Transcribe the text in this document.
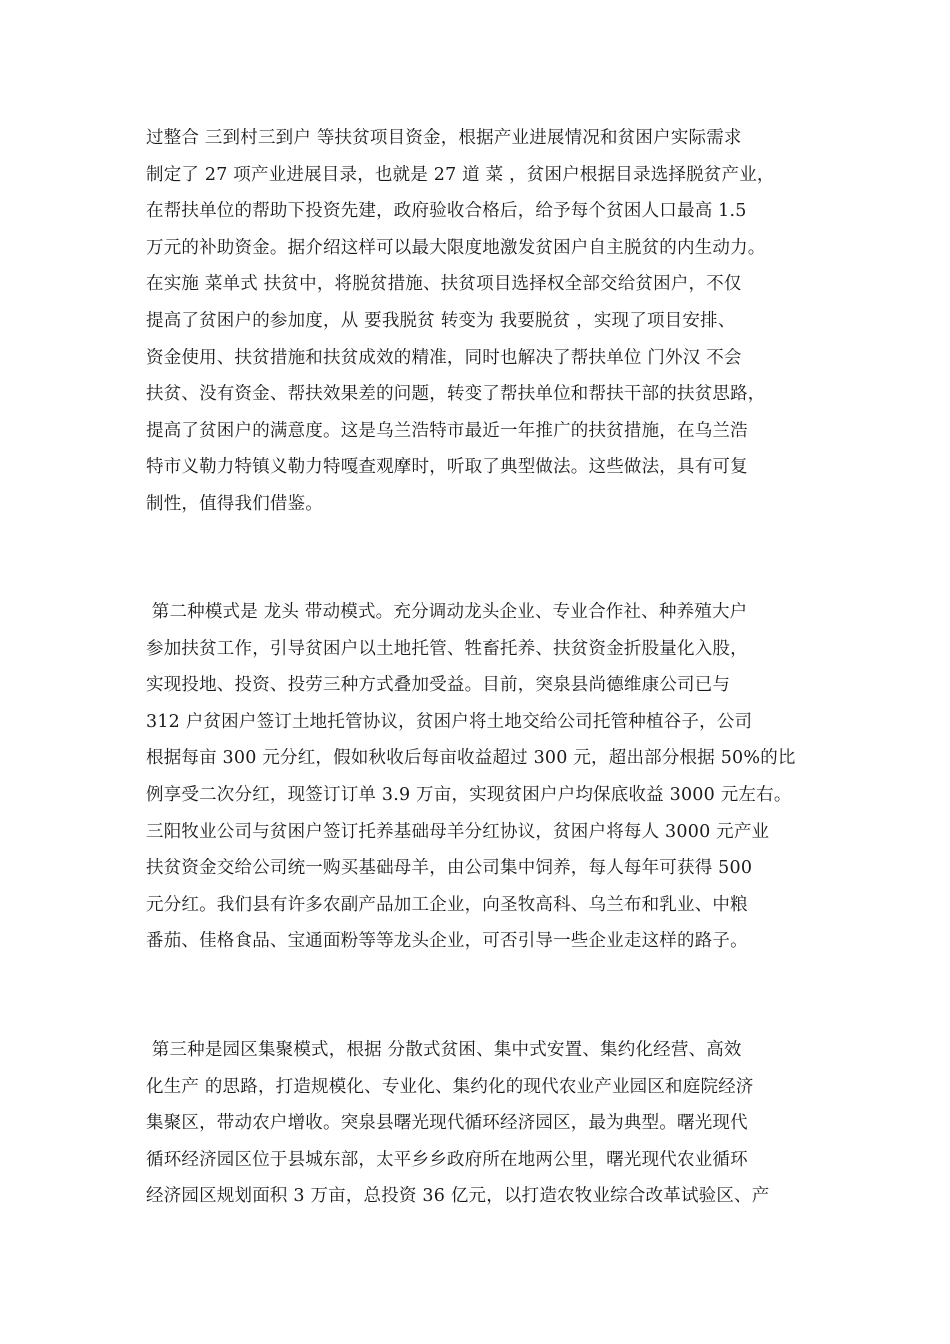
过整合 三到村三到户 等扶贫项目资金，根据产业进展情况和贫困户实际需求
制定了 27 项产业进展目录，也就是 27 道 菜 ，贫困户根据目录选择脱贫产业，
在帮扶单位的帮助下投资先建，政府验收合格后，给予每个贫困人口最高 1.5
万元的补助资金。据介绍这样可以最大限度地激发贫困户自主脱贫的内生动力。
在实施 菜单式 扶贫中，将脱贫措施、扶贫项目选择权全部交给贫困户，不仅
提高了贫困户的参加度，从 要我脱贫 转变为 我要脱贫 ，实现了项目安排、
资金使用、扶贫措施和扶贫成效的精准，同时也解决了帮扶单位 门外汉 不会
扶贫、没有资金、帮扶效果差的问题，转变了帮扶单位和帮扶干部的扶贫思路，
提高了贫困户的满意度。这是乌兰浩特市最近一年推广的扶贫措施，在乌兰浩
特市义勒力特镇义勒力特嘎查观摩时，听取了典型做法。这些做法，具有可复
制性，值得我们借鉴。
第二种模式是 龙头 带动模式。充分调动龙头企业、专业合作社、种养殖大户
参加扶贫工作，引导贫困户以土地托管、牲畜托养、扶贫资金折股量化入股，
实现投地、投资、投劳三种方式叠加受益。目前，突泉县尚德维康公司已与
312 户贫困户签订土地托管协议，贫困户将土地交给公司托管种植谷子，公司
根据每亩 300 元分红，假如秋收后每亩收益超过 300 元，超出部分根据 50%的比
例享受二次分红，现签订订单 3.9 万亩，实现贫困户户均保底收益 3000 元左右。
三阳牧业公司与贫困户签订托养基础母羊分红协议，贫困户将每人 3000 元产业
扶贫资金交给公司统一购买基础母羊，由公司集中饲养，每人每年可获得 500
元分红。我们县有许多农副产品加工企业，向圣牧高科、乌兰布和乳业、中粮
番茄、佳格食品、宝通面粉等等龙头企业，可否引导一些企业走这样的路子。
第三种是园区集聚模式，根据 分散式贫困、集中式安置、集约化经营、高效
化生产 的思路，打造规模化、专业化、集约化的现代农业产业园区和庭院经济
集聚区，带动农户增收。突泉县曙光现代循环经济园区，最为典型。曙光现代
循环经济园区位于县城东部，太平乡乡政府所在地两公里，曙光现代农业循环
经济园区规划面积 3 万亩，总投资 36 亿元，以打造农牧业综合改革试验区、产
